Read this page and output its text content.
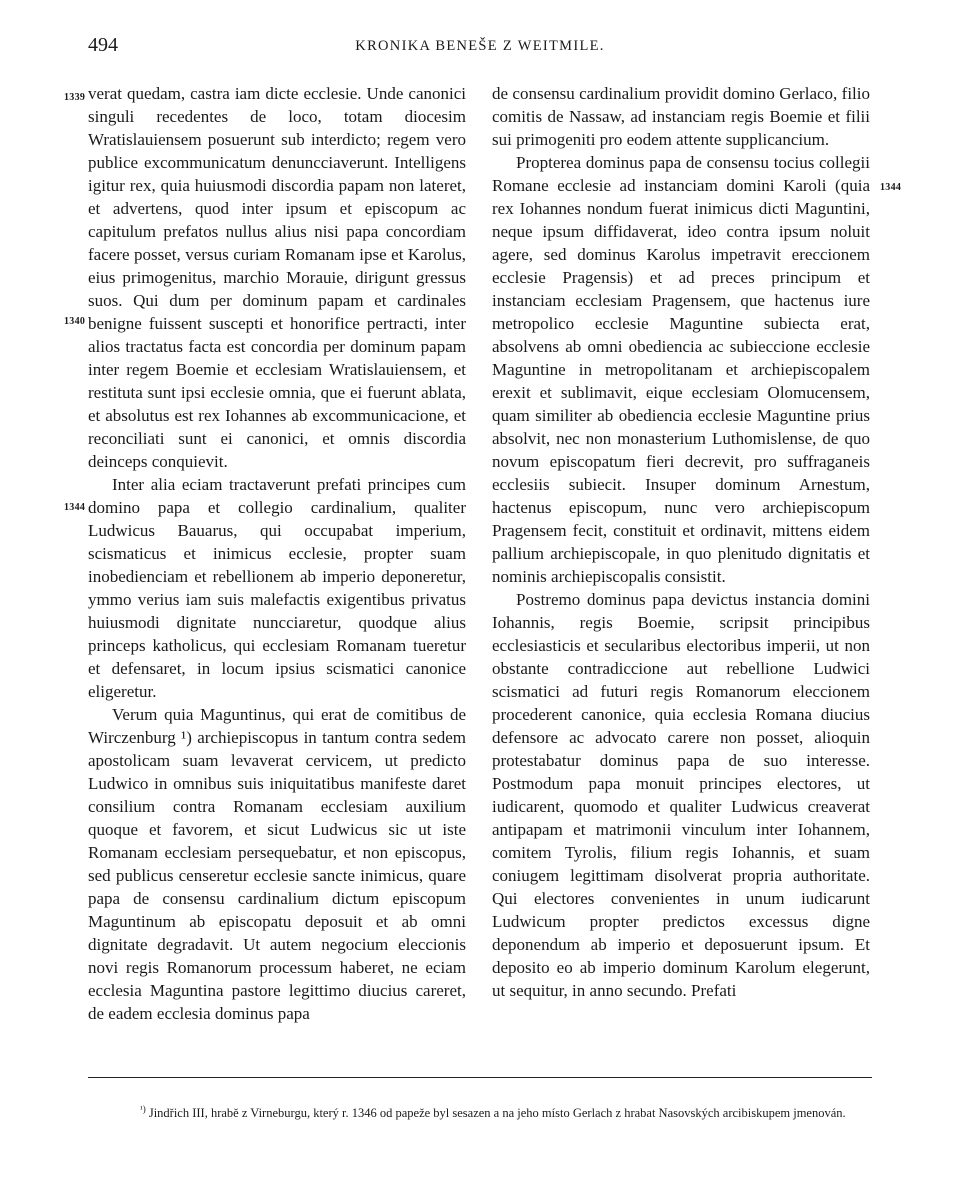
494	KRONIKA BENEŠE Z WEITMILE.
1339
1340
1344
1344

verat quedam, castra iam dicte ecclesie. Unde canonici singuli recedentes de loco, totam diocesim Wratislauiensem posuerunt sub interdicto; regem vero publice excommunicatum denuncciaverunt. Intelligens igitur rex, quia huiusmodi discordia papam non lateret, et advertens, quod inter ipsum et episcopum ac capitulum prefatos nullus alius nisi papa concordiam facere posset, versus curiam Romanam ipse et Karolus, eius primogenitus, marchio Morauie, dirigunt gressus suos. Qui dum per dominum papam et cardinales benigne fuissent suscepti et honorifice pertracti, inter alios tractatus facta est concordia per dominum papam inter regem Boemie et ecclesiam Wratislauiensem, et restituta sunt ipsi ecclesie omnia, que ei fuerunt ablata, et absolutus est rex Iohannes ab excommunicacione, et reconciliati sunt ei canonici, et omnis discordia deinceps conquievit.

Inter alia eciam tractaverunt prefati principes cum domino papa et collegio cardinalium, qualiter Ludwicus Bauarus, qui occupabat imperium, scismaticus et inimicus ecclesie, propter suam inobedienciam et rebellionem ab imperio deponeretur, ymmo verius iam suis malefactis exigentibus privatus huiusmodi dignitate nuncciaretur, quodque alius princeps katholicus, qui ecclesiam Romanam tueretur et defensaret, in locum ipsius scismatici canonice eligeretur.

Verum quia Maguntinus, qui erat de comitibus de Wirczenburg ¹) archiepiscopus in tantum contra sedem apostolicam suam levaverat cervicem, ut predicto Ludwico in omnibus suis iniquitatibus manifeste daret consilium contra Romanam ecclesiam auxilium quoque et favorem, et sicut Ludwicus sic ut iste Romanam ecclesiam persequebatur, et non episcopus, sed publicus censeretur ecclesie sancte inimicus, quare papa de consensu cardinalium dictum episcopum Maguntinum ab episcopatu deposuit et ab omni dignitate degradavit. Ut autem negocium eleccionis novi regis Romanorum processum haberet, ne eciam ecclesia Maguntina pastore legittimo diucius careret, de eadem ecclesia dominus papa

de consensu cardinalium providit domino Gerlaco, filio comitis de Nassaw, ad instanciam regis Boemie et filii sui primogeniti pro eodem attente supplicancium.

Propterea dominus papa de consensu tocius collegii Romane ecclesie ad instanciam domini Karoli (quia rex Iohannes nondum fuerat inimicus dicti Maguntini, neque ipsum diffidaverat, ideo contra ipsum noluit agere, sed dominus Karolus impetravit ereccionem ecclesie Pragensis) et ad preces principum et instanciam ecclesiam Pragensem, que hactenus iure metropolico ecclesie Maguntine subiecta erat, absolvens ab omni obediencia ac subieccione ecclesie Maguntine in metropolitanam et archiepiscopalem erexit et sublimavit, eique ecclesiam Olomucensem, quam similiter ab obediencia ecclesie Maguntine prius absolvit, nec non monasterium Luthomislense, de quo novum episcopatum fieri decrevit, pro suffraganeis ecclesiis subiecit. Insuper dominum Arnestum, hactenus episcopum, nunc vero archiepiscopum Pragensem fecit, constituit et ordinavit, mittens eidem pallium archiepiscopale, in quo plenitudo dignitatis et nominis archiepiscopalis consistit.

Postremo dominus papa devictus instancia domini Iohannis, regis Boemie, scripsit principibus ecclesiasticis et secularibus electoribus imperii, ut non obstante contradiccione aut rebellione Ludwici scismatici ad futuri regis Romanorum eleccionem procederent canonice, quia ecclesia Romana diucius defensore ac advocato carere non posset, alioquin protestabatur dominus papa de suo interesse. Postmodum papa monuit principes electores, ut iudicarent, quomodo et qualiter Ludwicus creaverat antipapam et matrimonii vinculum inter Iohannem, comitem Tyrolis, filium regis Iohannis, et suam coniugem legittimam disolverat propria authoritate. Qui electores convenientes in unum iudicarunt Ludwicum propter predictos excessus digne deponendum ab imperio et deposuerunt ipsum. Et deposito eo ab imperio dominum Karolum elegerunt, ut sequitur, in anno secundo. Prefati

$^{^1)}$ Jindřich III, hrabě z Virneburgu, který r. 1346 od papeže byl sesazen a na jeho místo Gerlach z hrabat Nasovských arcibiskupem jmenován.
